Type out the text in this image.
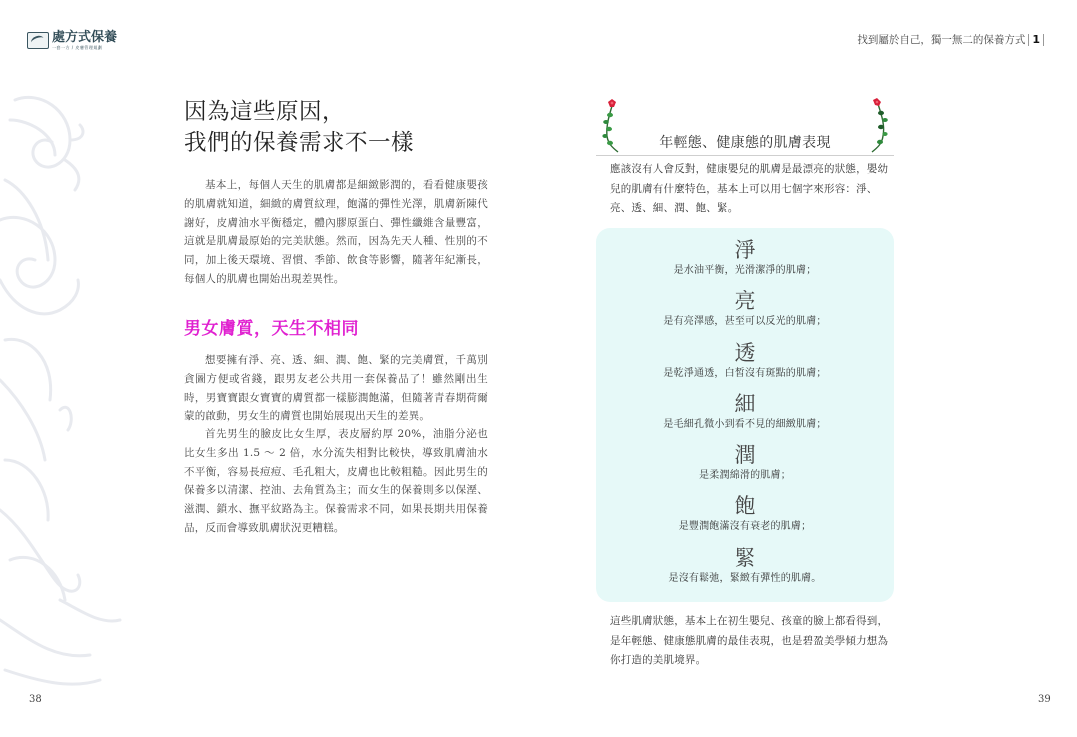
處方式保養
一套一方 / 皮膚管理規劃
找到屬於自己，獨一無二的保養方式 1
因為這些原因，
我們的保養需求不一樣

基本上，每個人天生的肌膚都是細緻影潤的，看看健康嬰孩的肌膚就知道，細緻的膚質紋理，飽滿的彈性光澤，肌膚新陳代謝好，皮膚油水平衡穩定，體內膠原蛋白、彈性纖維含量豐富，這就是肌膚最原始的完美狀態。然而，因為先天人種、性別的不同，加上後天環境、習慣、季節、飲食等影響，隨著年紀漸長，每個人的肌膚也開始出現差異性。

男女膚質，天生不相同

想要擁有淨、亮、透、細、潤、飽、緊的完美膚質，千萬別貪圖方便或省錢，跟男友老公共用一套保養品了！雖然剛出生時，男寶寶跟女寶寶的膚質都一樣膨潤飽滿，但隨著青春期荷爾蒙的啟動，男女生的膚質也開始展現出天生的差異。

首先男生的臉皮比女生厚，表皮層約厚 20%，油脂分泌也比女生多出 1.5 ～ 2 倍，水分流失相對比較快，導致肌膚油水不平衡，容易長痘痘、毛孔粗大，皮膚也比較粗糙。因此男生的保養多以清潔、控油、去角質為主；而女生的保養則多以保溼、滋潤、鎖水、撫平紋路為主。保養需求不同，如果長期共用保養品，反而會導致肌膚狀況更糟糕。

38
年輕態、健康態的肌膚表現

應該沒有人會反對，健康嬰兒的肌膚是最漂亮的狀態，嬰幼兒的肌膚有什麼特色，基本上可以用七個字來形容：淨、亮、透、細、潤、飽、緊。

淨
是水油平衡，光滑潔淨的肌膚；
亮
是有亮澤感，甚至可以反光的肌膚；
透
是乾淨通透，白皙沒有斑點的肌膚；
細
是毛細孔微小到看不見的細緻肌膚；
潤
是柔潤綿滑的肌膚；
飽
是豐潤飽滿沒有衰老的肌膚；
緊
是沒有鬆弛，緊緻有彈性的肌膚。

這些肌膚狀態，基本上在初生嬰兒、孩童的臉上都看得到，是年輕態、健康態肌膚的最佳表現，也是碧盈美學傾力想為你打造的美肌境界。

39
